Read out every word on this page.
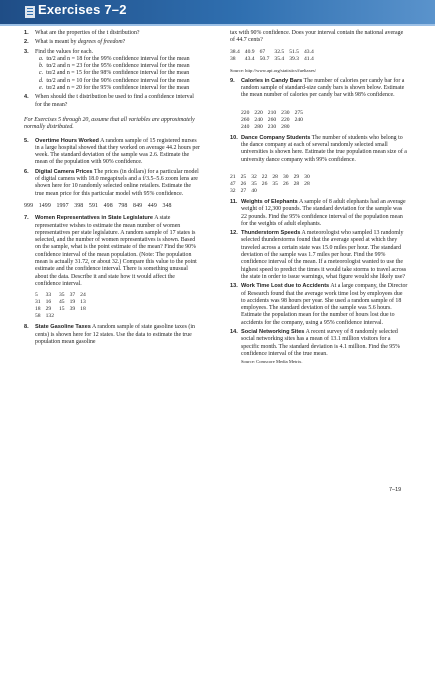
Exercises 7–2
1. What are the properties of the t distribution?
2. What is meant by degrees of freedom?
3. Find the values for each.
a. tα/2 and n = 18 for the 99% confidence interval for the mean
b. tα/2 and n = 23 for the 95% confidence interval for the mean
c. tα/2 and n = 15 for the 98% confidence interval for the mean
d. tα/2 and n = 10 for the 90% confidence interval for the mean
e. tα/2 and n = 20 for the 95% confidence interval for the mean
4. When should the t distribution be used to find a confidence interval for the mean?
For Exercises 5 through 20, assume that all variables are approximately normally distributed.
5. Overtime Hours Worked A random sample of 15 registered nurses in a large hospital showed that they worked on average 44.2 hours per week. The standard deviation of the sample was 2.6. Estimate the mean of the population with 90% confidence.
6. Digital Camera Prices The prices (in dollars) for a particular model of digital camera with 18.0 megapixels and a f/3.5–5.6 zoom lens are shown here for 10 randomly selected online retailers. Estimate the true mean price for this particular model with 95% confidence.
999 1499 1997 398 591 498 798 849 449 348
7. Women Representatives in State Legislature A state representative wishes to estimate the mean number of women representatives per state legislature. A random sample of 17 states is selected, and the number of women representatives is shown. Based on the sample, what is the point estimate of the mean? Find the 90% confidence interval of the mean population. (Note: The population mean is actually 31.72, or about 32.) Compare this value to the point estimate and the confidence interval. There is something unusual about the data. Describe it and state how it would affect the confidence interval.
5	33	35	37	24
31	16	45	19	13
18	29	15	39	18
58	132			
8. State Gasoline Taxes A random sample of state gasoline taxes (in cents) is shown here for 12 states. Use the data to estimate the true population mean gasoline
tax with 90% confidence. Does your interval contain the national average of 44.7 cents?
38.4	40.9	67	32.5	51.5	43.4
38	43.4	50.7	35.4	39.3	41.4
Source: http://www.api.org/statistics/fueltaxes/
9. Calories in Candy Bars The number of calories per candy bar for a random sample of standard-size candy bars is shown below. Estimate the mean number of calories per candy bar with 98% confidence.
220	220	210	230	275
260	240	260	220	240
240	280	230	280	
10. Dance Company Students The number of students who belong to the dance company at each of several randomly selected small universities is shown here. Estimate the true population mean size of a university dance company with 99% confidence.
21	25	32	22	28	30	29	30
47	26	35	26	35	26	28	28
32	27	40					
11. Weights of Elephants A sample of 8 adult elephants had an average weight of 12,300 pounds. The standard deviation for the sample was 22 pounds. Find the 95% confidence interval of the population mean for the weights of adult elephants.
12. Thunderstorm Speeds A meteorologist who sampled 13 randomly selected thunderstorms found that the average speed at which they traveled across a certain state was 15.0 miles per hour. The standard deviation of the sample was 1.7 miles per hour. Find the 99% confidence interval of the mean. If a meteorologist wanted to use the highest speed to predict the times it would take storms to travel across the state in order to issue warnings, what figure would she likely use?
13. Work Time Lost due to Accidents At a large company, the Director of Research found that the average work time lost by employees due to accidents was 98 hours per year. She used a random sample of 18 employees. The standard deviation of the sample was 5.6 hours. Estimate the population mean for the number of hours lost due to accidents for the company, using a 95% confidence interval.
14. Social Networking Sites A recent survey of 8 randomly selected social networking sites has a mean of 13.1 million visitors for a specific month. The standard deviation is 4.1 million. Find the 95% confidence interval of the true mean.
Source: Comscore Media Metrix.
7–19
